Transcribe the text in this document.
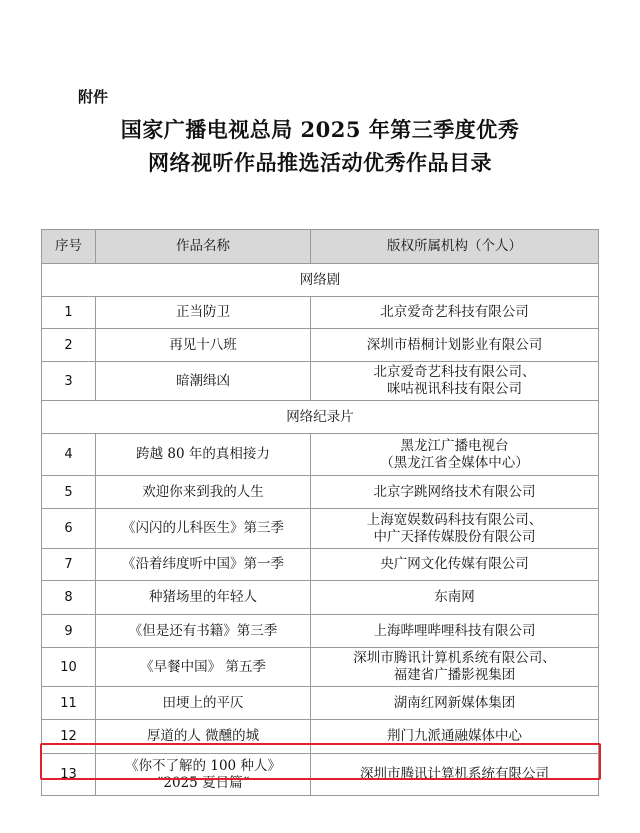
附件
国家广播电视总局 2025 年第三季度优秀
网络视听作品推选活动优秀作品目录
序号	作品名称	版权所属机构（个人）
网络剧		
1	正当防卫	北京爱奇艺科技有限公司
2	再见十八班	深圳市梧桐计划影业有限公司
3	暗潮缉凶	北京爱奇艺科技有限公司、
咪咕视讯科技有限公司
网络纪录片		
4	跨越 80 年的真相接力	黑龙江广播电视台
（黑龙江省全媒体中心）
5	欢迎你来到我的人生	北京字跳网络技术有限公司
6	《闪闪的儿科医生》第三季	上海宽娱数码科技有限公司、
中广天择传媒股份有限公司
7	《沿着纬度听中国》第一季	央广网文化传媒有限公司
8	种猪场里的年轻人	东南网
9	《但是还有书籍》第三季	上海哔哩哔哩科技有限公司
10	《早餐中国》 第五季	深圳市腾讯计算机系统有限公司、
福建省广播影视集团
11	田埂上的平仄	湖南红网新媒体集团
12	厚道的人 微醺的城	荆门九派通融媒体中心
13	《你不了解的 100 种人》
“2025 夏日篇“	深圳市腾讯计算机系统有限公司
